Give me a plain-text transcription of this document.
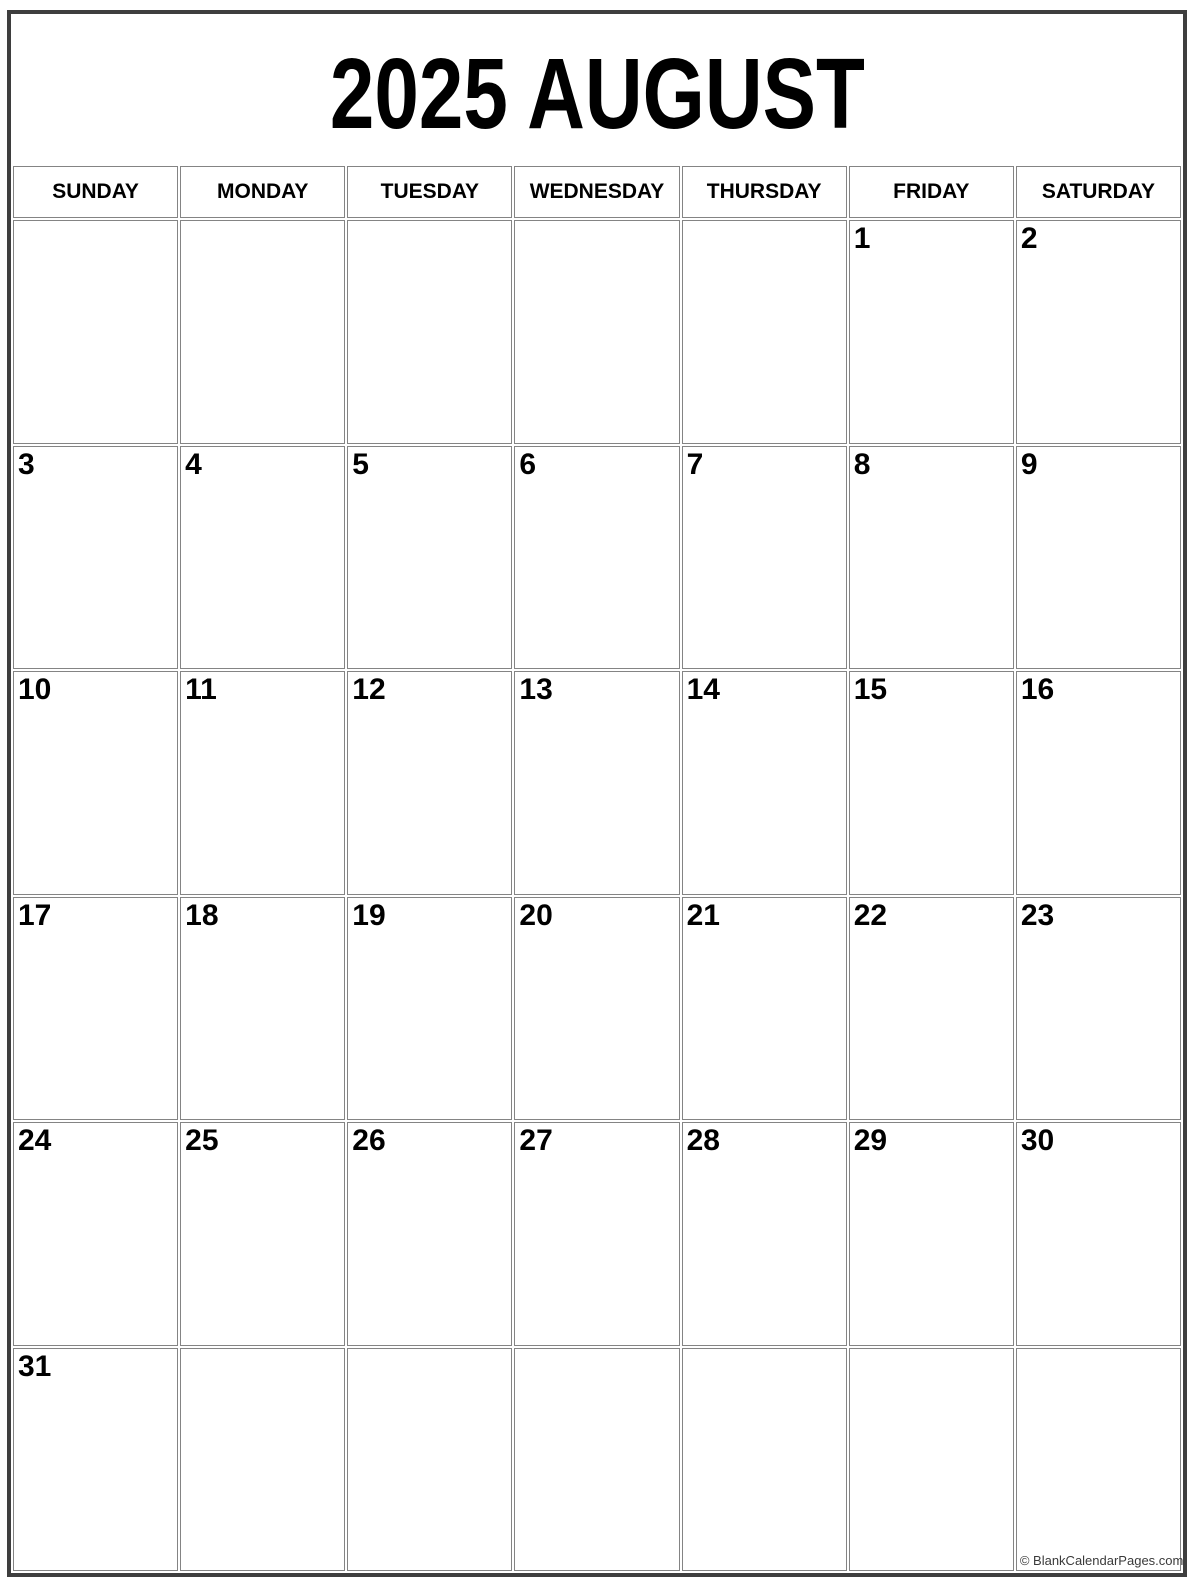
2025 AUGUST
SUNDAY	MONDAY	TUESDAY	WEDNESDAY	THURSDAY	FRIDAY	SATURDAY

					1	2

3	4	5	6	7	8	9

10	11	12	13	14	15	16

17	18	19	20	21	22	23

24	25	26	27	28	29	30

31						© BlankCalendarPages.com
